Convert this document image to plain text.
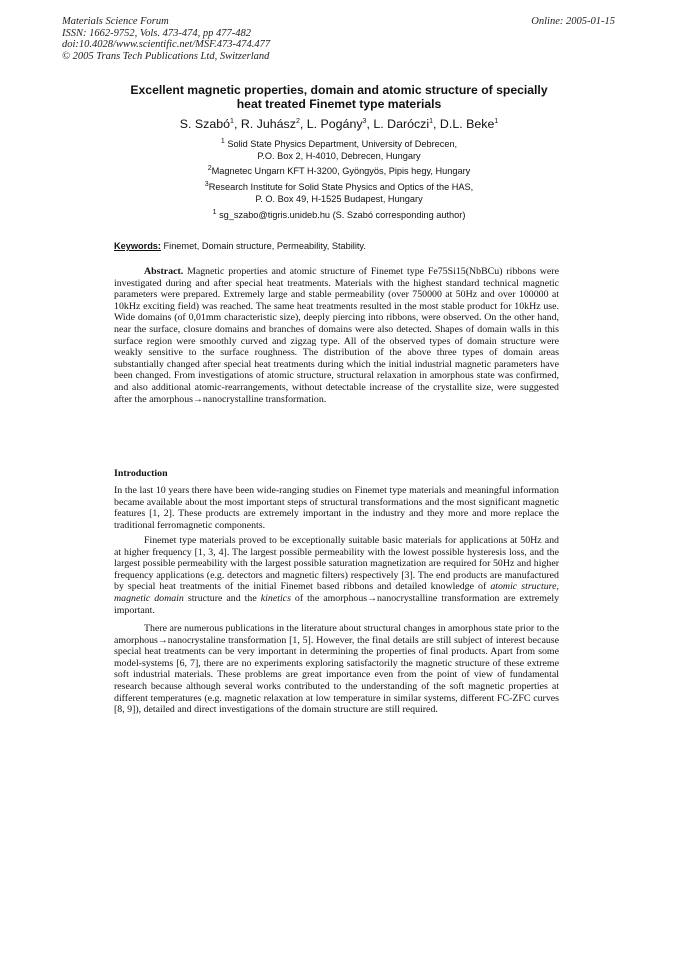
Materials Science Forum
ISSN: 1662-9752, Vols. 473-474, pp 477-482
doi:10.4028/www.scientific.net/MSF.473-474.477
© 2005 Trans Tech Publications Ltd, Switzerland
Online: 2005-01-15
Excellent magnetic properties, domain and atomic structure of specially
heat treated Finemet type materials
S. Szabó$^1$, R. Juhász$^2$, L. Pogány$^3$, L. Daróczi$^1$, D.L. Beke$^1$
$^1$ Solid State Physics Department, University of Debrecen,
P.O. Box 2, H-4010, Debrecen, Hungary
$^2$Magnetec Ungarn KFT H-3200, Gyöngyös, Pipis hegy, Hungary
$^3$Research Institute for Solid State Physics and Optics of the HAS,
P. O. Box 49, H-1525 Budapest, Hungary
$^1$ sg_szabo@tigris.unideb.hu (S. Szabó corresponding author)
Keywords: Finemet, Domain structure, Permeability, Stability.

Abstract. Magnetic properties and atomic structure of Finemet type Fe75Si15(NbBCu) ribbons were investigated during and after special heat treatments. Materials with the highest standard technical magnetic parameters were prepared. Extremely large and stable permeability (over 750000 at 50Hz and over 100000 at 10kHz exciting field) was reached. The same heat treatments resulted in the most stable product for 10kHz use. Wide domains (of 0,01mm characteristic size), deeply piercing into ribbons, were observed. On the other hand, near the surface, closure domains and branches of domains were also detected. Shapes of domain walls in this surface region were smoothly curved and zigzag type. All of the observed types of domain structure were weakly sensitive to the surface roughness. The distribution of the above three types of domain areas substantially changed after special heat treatments during which the initial industrial magnetic parameters have been changed. From investigations of atomic structure, structural relaxation in amorphous state was confirmed, and also additional atomic-rearrangements, without detectable increase of the crystallite size, were suggested after the amorphous→nanocrystalline transformation.

Introduction

In the last 10 years there have been wide-ranging studies on Finemet type materials and meaningful information became available about the most important steps of structural transformations and the most significant magnetic features [1, 2]. These products are extremely important in the industry and they more and more replace the traditional ferromagnetic components.

Finemet type materials proved to be exceptionally suitable basic materials for applications at 50Hz and at higher frequency [1, 3, 4]. The largest possible permeability with the lowest possible hysteresis loss, and the largest possible permeability with the largest possible saturation magnetization are required for 50Hz and higher frequency applications (e.g. detectors and magnetic filters) respectively [3]. The end products are manufactured by special heat treatments of the initial Finemet based ribbons and detailed knowledge of atomic structure, magnetic domain structure and the kinetics of the amorphous→nanocrystalline transformation are extremely important.

There are numerous publications in the literature about structural changes in amorphous state prior to the amorphous→nanocrystaline transformation [1, 5]. However, the final details are still subject of interest because special heat treatments can be very important in determining the properties of final products. Apart from some model-systems [6, 7], there are no experiments exploring satisfactorily the magnetic structure of these extreme soft industrial materials. These problems are great importance even from the point of view of fundamental research because although several works contributed to the understanding of the soft magnetic properties at different temperatures (e.g. magnetic relaxation at low temperature in similar systems, different FC-ZFC curves [8, 9]), detailed and direct investigations of the domain structure are still required.
